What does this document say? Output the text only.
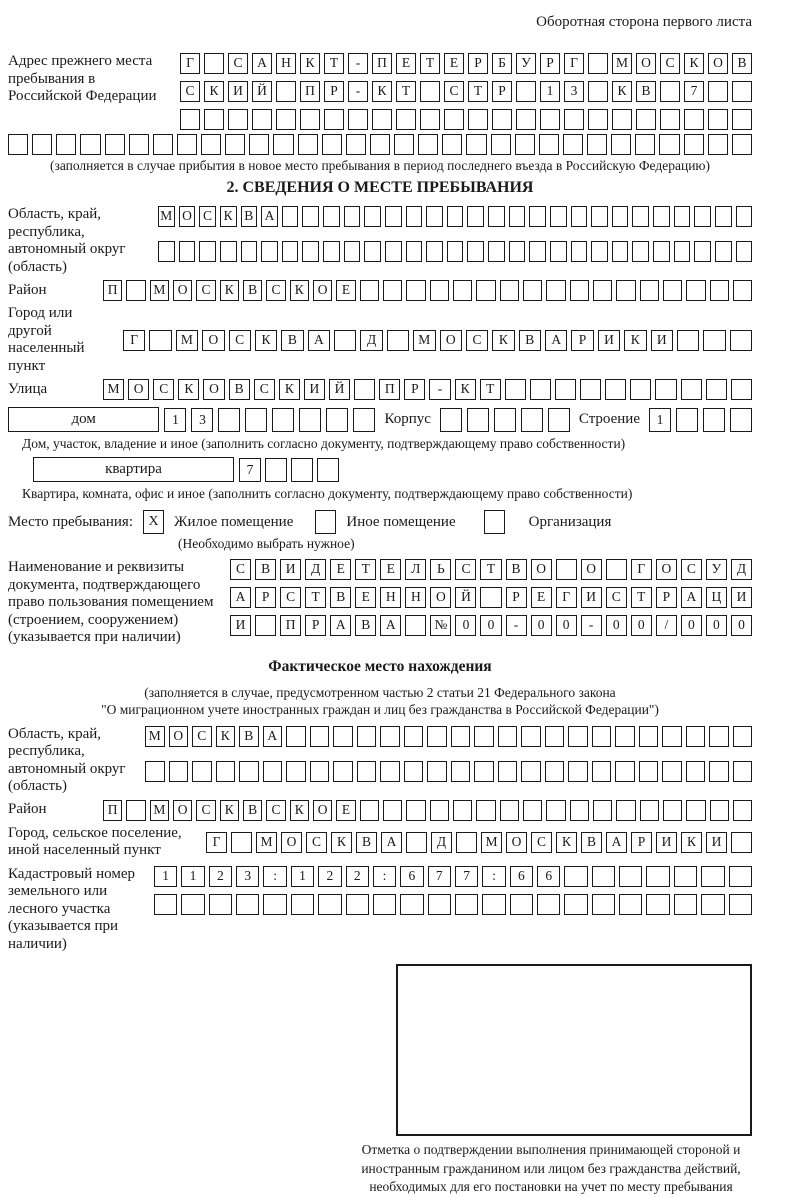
Оборотная сторона первого листа
Адрес прежнего места пребывания в Российской Федерации
Г	С	А	Н	К	Т	-	П	Е	Т	Е	Р	Б	У	Р	Г	М О	С	К	О	В
С	К	И	Й	П	Р	-	К	Т	С	Т	Р	1	3	К	В	7
(заполняется в случае прибытия в новое место пребывания в период последнего въезда в Российскую Федерацию)
2. СВЕДЕНИЯ О МЕСТЕ ПРЕБЫВАНИЯ
Область, край, республика, автономный округ (область)
М О С К В А
Район	П	М О	С	К	В	С	К	О	Е
Город или другой населенный пункт
Г	М	О	С	К	В	А	Д	М	О	С	К	В	А	Р	И	К	И
Улица	М	О	С	К	О	В	С	К	И	Й	П	Р	-	К	Т
дом	1	3	Корпус	Строение	1
Дом, участок, владение и иное (заполнить согласно документу, подтверждающему право собственности)
квартира	7
Квартира, комната, офис и иное (заполнить согласно документу, подтверждающему право собственности)
Место пребывания:	X	Жилое помещение	Иное помещение	Организация
(Необходимо выбрать нужное)
Наименование и реквизиты документа, подтверждающего право пользования помещением (строением, сооружением) (указывается при наличии)
С	В	И	Д	Е	Т	Е	Л	Ь	С	Т	В	О	О	Г	О	С	У	Д
А	Р	С	Т	В	Е	Н	Н	О	Й	Р	Е	Г	И	С	Т	Р	А	Ц	И
И	П	Р	А	В	А	№	0	0	-	0	0	-	0	0	/	0	0	0
Фактическое место нахождения
(заполняется в случае, предусмотренном частью 2 статьи 21 Федерального закона
"О миграционном учете иностранных граждан и лиц без гражданства в Российской Федерации")
Область, край, республика, автономный округ (область)
М О	С	К	В	А
Район	П	М О	С	К	В	С	К	О	Е
Город, сельское поселение, иной населенный пункт
Г	М	О	С	К	В	А	Д	М	О	С	К	В	А	Р	И	К	И
Кадастровый номер земельного или лесного участка (указывается при наличии)
1	1	2	3	:	1	2	2	:	6	7	7	:	6	6
Отметка о подтверждении выполнения принимающей стороной и иностранным гражданином или лицом без гражданства действий, необходимых для его постановки на учет по месту пребывания
